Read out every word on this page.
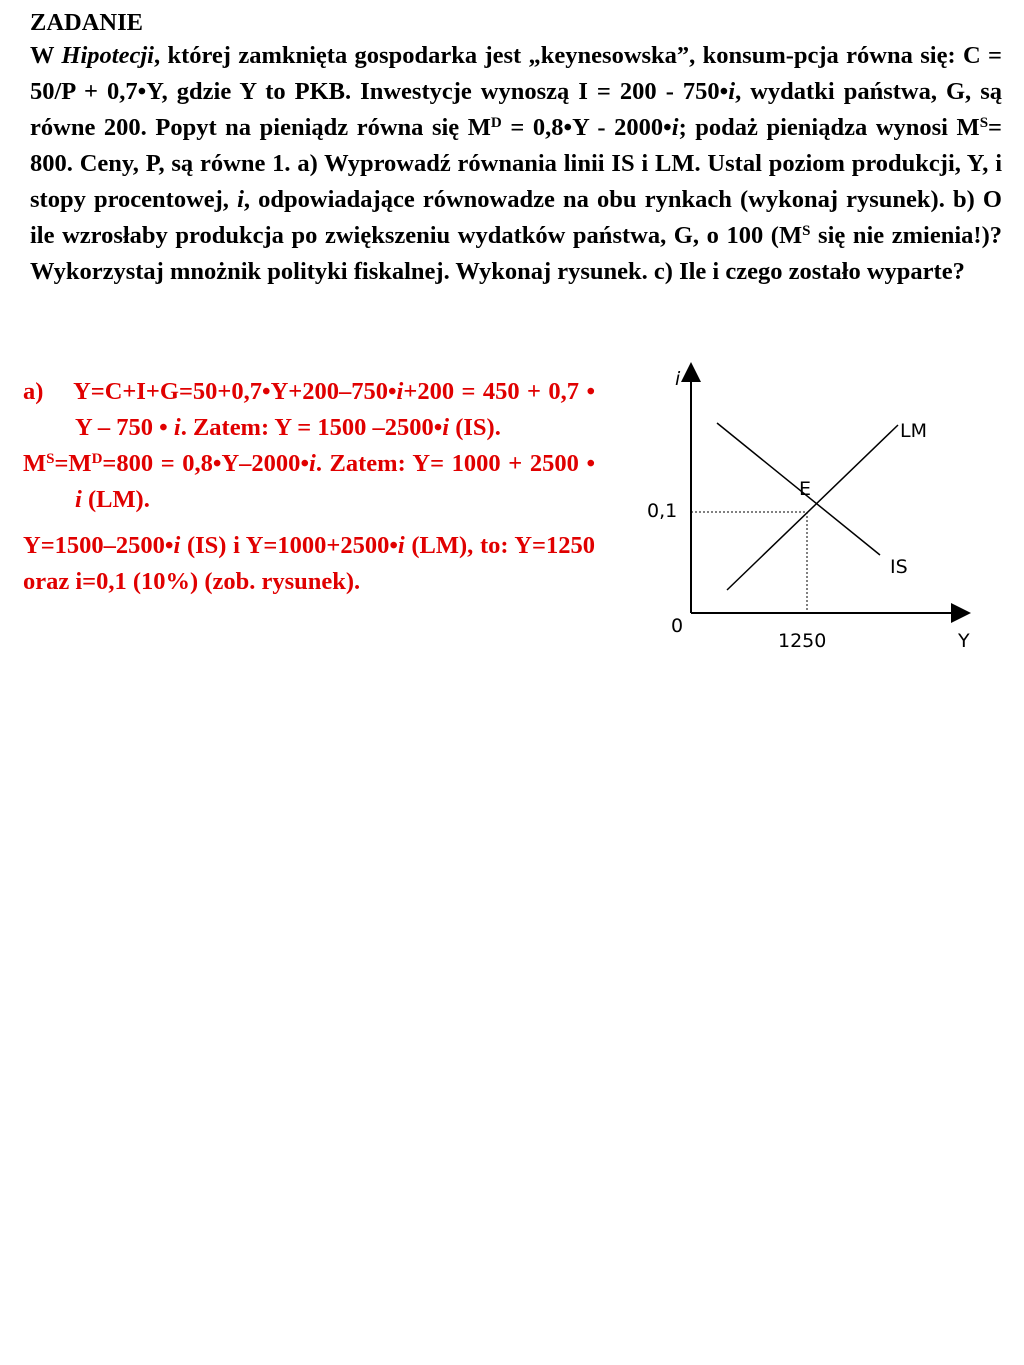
ZADANIE

W Hipotecji, której zamknięta gospodarka jest „keynesowska”, konsum-pcja równa się: C = 50/P + 0,7•Y, gdzie Y to PKB. Inwestycje wynoszą I = 200 - 750•i, wydatki państwa, G, są równe 200. Popyt na pieniądz równa się $M^D$ = 0,8•Y - 2000•i; podaż pieniądza wynosi $M^S= 800$. Ceny, P, są równe 1. a) Wyprowadź równania linii IS i LM. Ustal poziom produkcji, Y, i stopy procentowej, i, odpowiadające równowadze na obu rynkach (wykonaj rysunek). b) O ile wzrosłaby produkcja po zwiększeniu wydatków państwa, G, o 100 ($M^S$ się nie zmienia!)? Wykorzystaj mnożnik polityki fiskalnej. Wykonaj rysunek. c) Ile i czego zostało wyparte?

a) Y=C+I+G=50+0,7•Y+200–750•i+200 = 450 + 0,7 • Y – 750 • i. Zatem: Y = 1500 –2500•i (IS).

$M^S=M^D=800$ = 0,8•Y–2000•i. Zatem: Y= 1000 + 2500 • i (LM).

Y=1500–2500•i (IS) i Y=1000+2500•i (LM), to: Y=1250 oraz i=0,1 (10%) (zob. rysunek).

i
Y
0
0,1
1250
LM
IS
E
